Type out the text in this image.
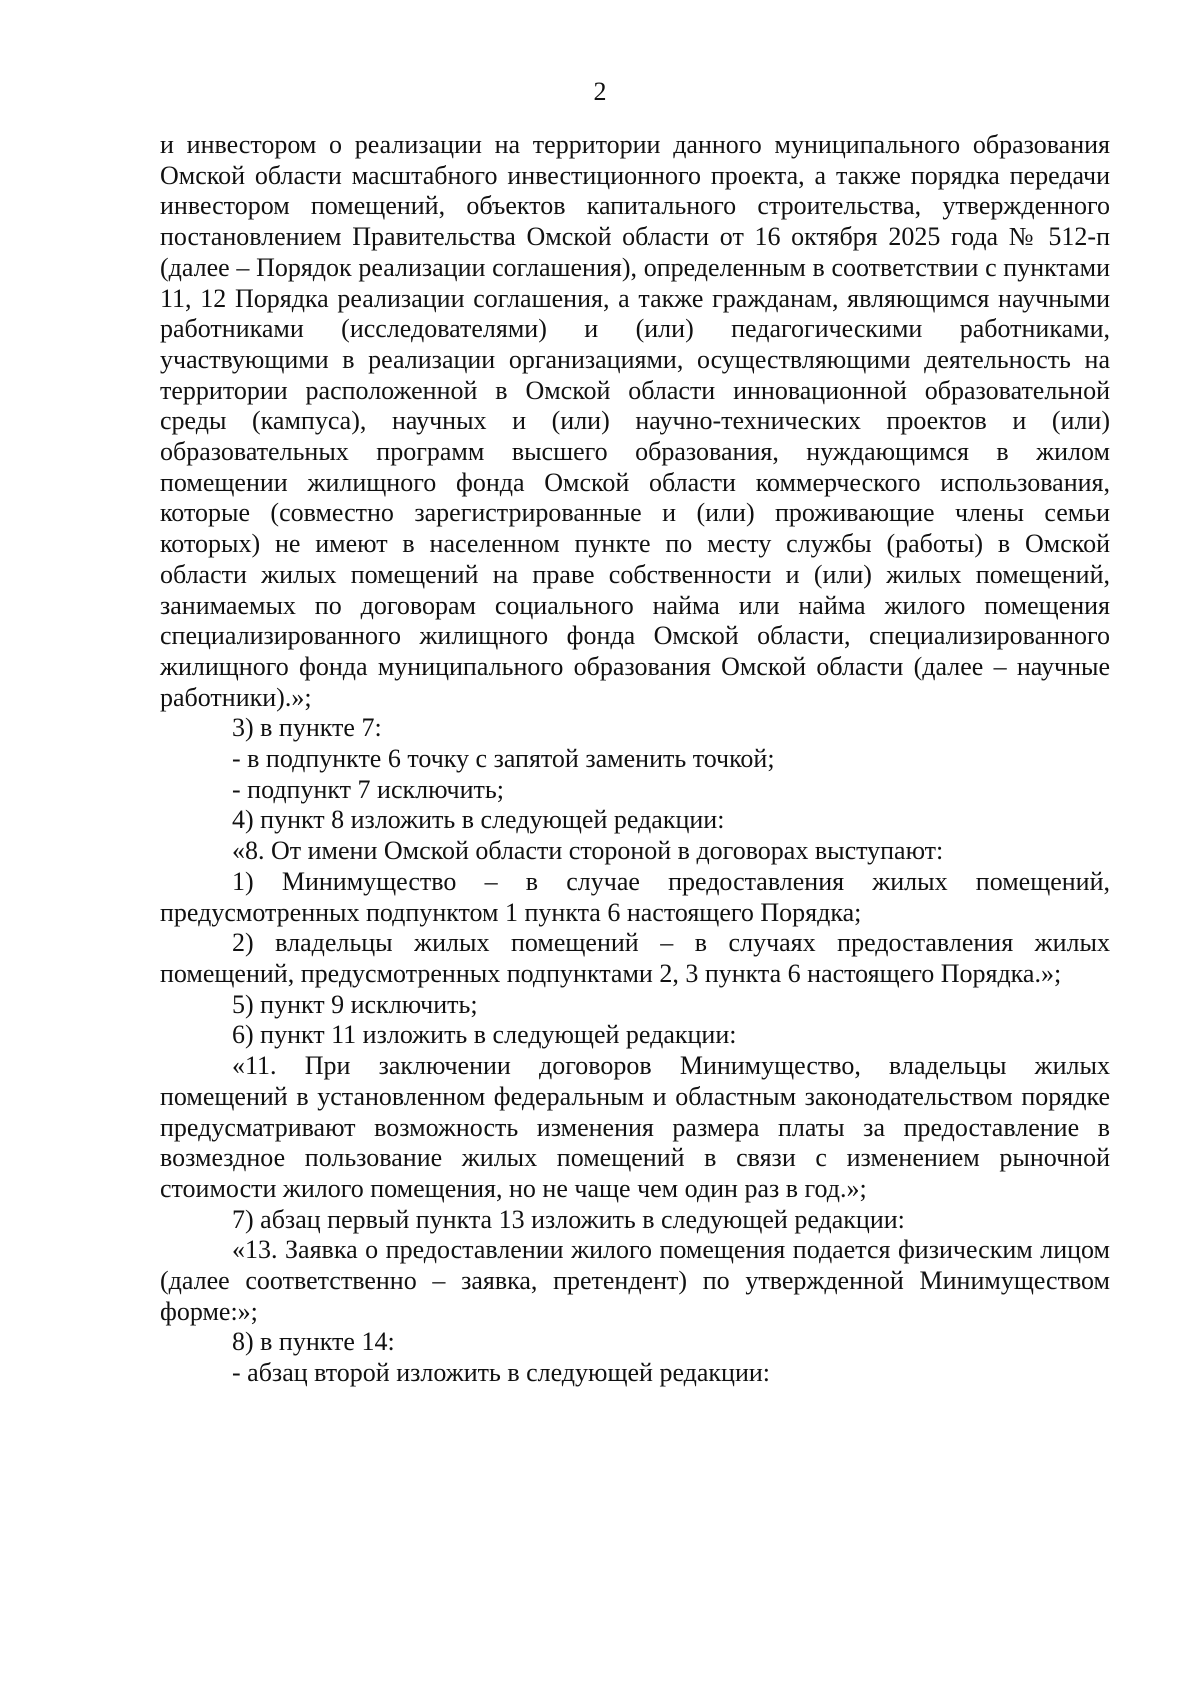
2

и инвестором о реализации на территории данного муниципального образования Омской области масштабного инвестиционного проекта, а также порядка передачи инвестором помещений, объектов капитального строительства, утвержденного постановлением Правительства Омской области от 16 октября 2025 года № 512-п (далее – Порядок реализации соглашения), определенным в соответствии с пунктами 11, 12 Порядка реализации соглашения, а также гражданам, являющимся научными работниками (исследователями) и (или) педагогическими работниками, участвующими в реализации организациями, осуществляющими деятельность на территории расположенной в Омской области инновационной образовательной среды (кампуса), научных и (или) научно-технических проектов и (или) образовательных программ высшего образования, нуждающимся в жилом помещении жилищного фонда Омской области коммерческого использования, которые (совместно зарегистрированные и (или) проживающие члены семьи которых) не имеют в населенном пункте по месту службы (работы) в Омской области жилых помещений на праве собственности и (или) жилых помещений, занимаемых по договорам социального найма или найма жилого помещения специализированного жилищного фонда Омской области, специализированного жилищного фонда муниципального образования Омской области (далее – научные работники).»;

3) в пункте 7:

- в подпункте 6 точку с запятой заменить точкой;

- подпункт 7 исключить;

4) пункт 8 изложить в следующей редакции:

«8. От имени Омской области стороной в договорах выступают:

1) Минимущество – в случае предоставления жилых помещений, предусмотренных подпунктом 1 пункта 6 настоящего Порядка;

2) владельцы жилых помещений – в случаях предоставления жилых помещений, предусмотренных подпунктами 2, 3 пункта 6 настоящего Порядка.»;

5) пункт 9 исключить;

6) пункт 11 изложить в следующей редакции:

«11. При заключении договоров Минимущество, владельцы жилых помещений в установленном федеральным и областным законодательством порядке предусматривают возможность изменения размера платы за предоставление в возмездное пользование жилых помещений в связи с изменением рыночной стоимости жилого помещения, но не чаще чем один раз в год.»;

7) абзац первый пункта 13 изложить в следующей редакции:

«13. Заявка о предоставлении жилого помещения подается физическим лицом (далее соответственно – заявка, претендент) по утвержденной Минимуществом форме:»;

8) в пункте 14:

- абзац второй изложить в следующей редакции:
